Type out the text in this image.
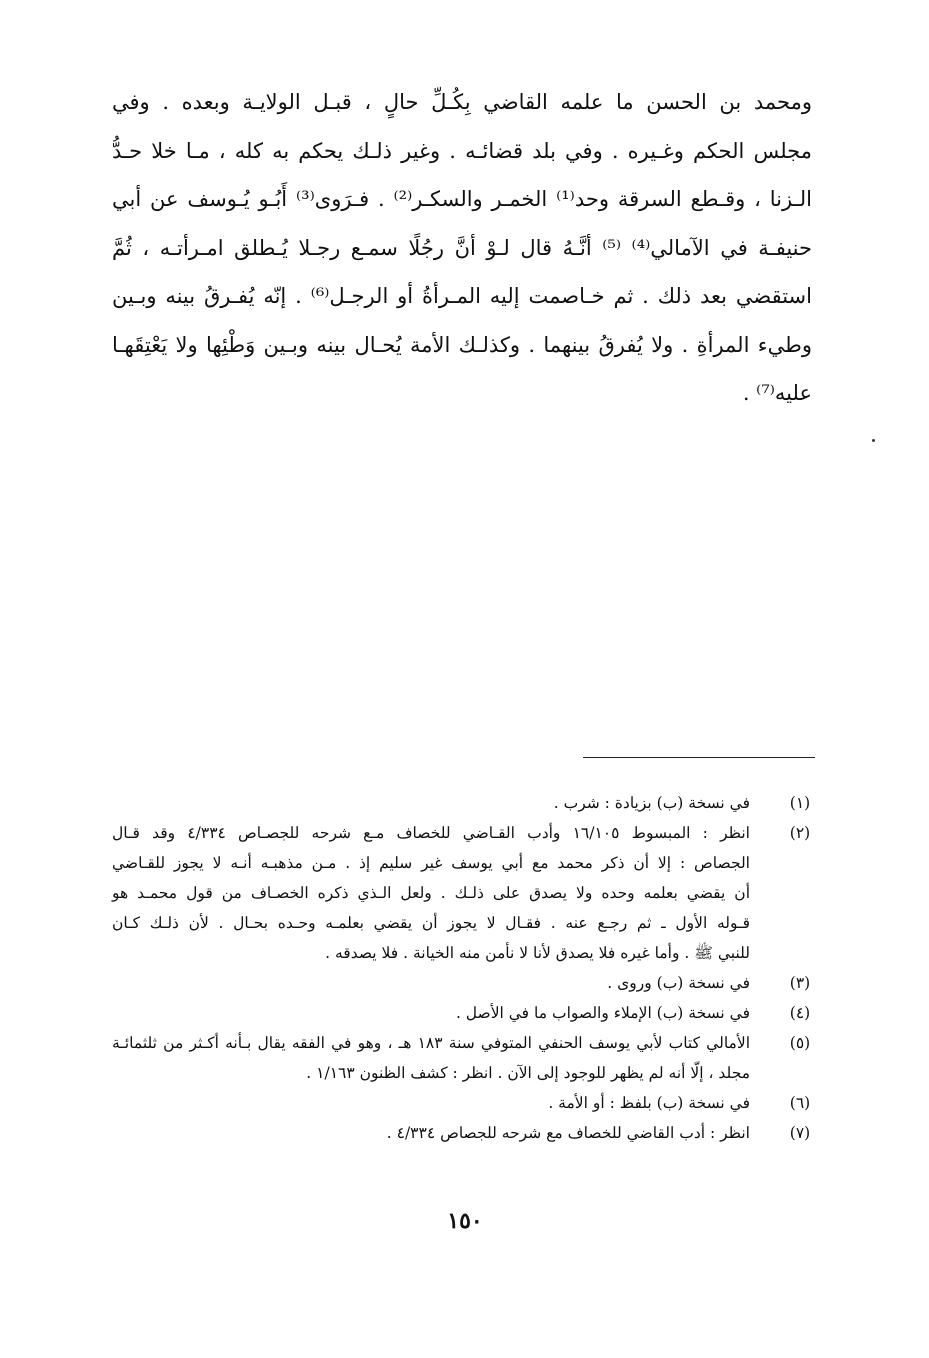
ومحمد بن الحسن ما علمه القاضي بِكُـلِّ حالٍ ، قبـل الولايـة وبعده . وفي
مجلس الحكم وغـيره . وفي بلد قضائـه . وغير ذلـك يحكم به كله ، مـا خلا حـدُّ
الـزنا ، وقـطع السرقة وحد⁽¹⁾ الخمـر والسكـر⁽²⁾ . فـرَوى⁽³⁾ أَبُـو يُـوسف عن أبي
حنيفـة في الآمالي⁽⁴⁾ ⁽⁵⁾ أنَّـهُ قال لـوْ أنَّ رجُلًا سمـع رجـلا يُـطلق امـرأتـه ، ثُمَّ
استقضي بعد ذلك . ثم خـاصمت إليه المـرأةُ أو الرجـل⁽⁶⁾ . إنّه يُفـرقُ بينه وبـين
وطيء المرأةِ . ولا يُفرقُ بينهما . وكذلـك الأمة يُحـال بينه وبـين وَطْئِها ولا يَعْتِقَهـا
عليه⁽⁷⁾ .
(١)
في نسخة (ب) بزيادة : شرب .
(٢)
انظر : المبسوط ١٦/١٠٥ وأدب القـاضي للخصاف مـع شرحه للجصـاص ٤/٣٣٤ وقد قـال
الجصاص : إلا أن ذكر محمد مع أبي يوسف غير سليم إذ . مـن مذهبـه أنـه لا يجوز للقـاضي
أن يقضي بعلمه وحده ولا يصدق على ذلـك . ولعل الـذي ذكره الخصـاف من قول محمـد هو
قـوله الأول ـ ثم رجـع عنه . فقـال لا يجوز أن يقضي بعلمـه وحـده بحـال . لأن ذلـك كـان
للنبي ﷺ . وأما غيره فلا يصدق لأنا لا نأمن منه الخيانة . فلا يصدقه .
(٣)
في نسخة (ب) وروى .
(٤)
في نسخة (ب) الإملاء والصواب ما في الأصل .
(٥)
الأمالي كتاب لأبي يوسف الحنفي المتوفي سنة ١٨٣ هـ ، وهو في الفقه يقال بـأنه أكـثر من ثلثمائـة
مجلد ، إلّا أنه لم يظهر للوجود إلى الآن . انظر : كشف الظنون ١/١٦٣ .
(٦)
في نسخة (ب) بلفظ : أو الأمة .
(٧)
انظر : أدب القاضي للخصاف مع شرحه للجصاص ٤/٣٣٤ .
١٥٠
